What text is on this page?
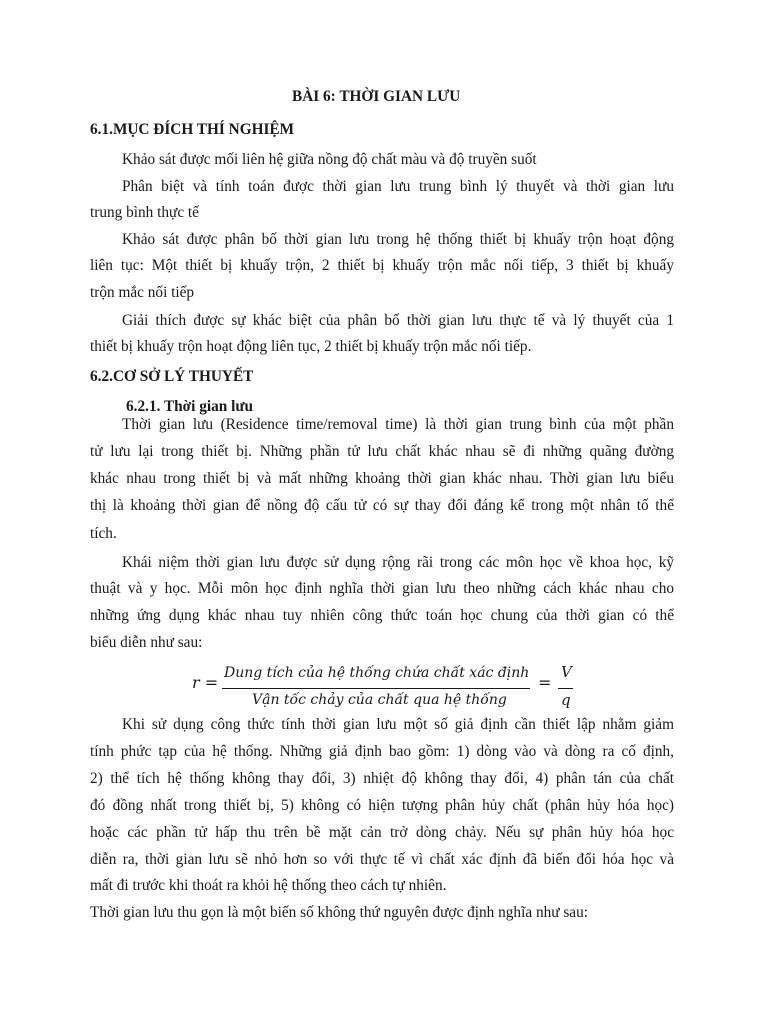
BÀI 6: THỜI GIAN LƯU
6.1.MỤC ĐÍCH THÍ NGHIỆM
Khảo sát được mối liên hệ giữa nồng độ chất màu và độ truyền suốt
Phân biệt và tính toán được thời gian lưu trung bình lý thuyết và thời gian lưu
trung bình thực tế
Khảo sát được phân bố thời gian lưu trong hệ thống thiết bị khuấy trộn hoạt động
liên tục: Một thiết bị khuấy trộn, 2 thiết bị khuấy trộn mắc nối tiếp, 3 thiết bị khuấy
trộn mắc nối tiếp
Giải thích được sự khác biệt của phân bố thời gian lưu thực tế và lý thuyết của 1
thiết bị khuấy trộn hoạt động liên tục, 2 thiết bị khuấy trộn mắc nối tiếp.
6.2.CƠ SỞ LÝ THUYẾT
6.2.1. Thời gian lưu
Thời gian lưu (Residence time/removal time) là thời gian trung bình của một phần
tử lưu lại trong thiết bị. Những phần tử lưu chất khác nhau sẽ đi những quãng đường
khác nhau trong thiết bị và mất những khoảng thời gian khác nhau. Thời gian lưu biểu
thị là khoảng thời gian để nồng độ cấu tử có sự thay đổi đáng kể trong một nhân tố thể
tích.
Khái niệm thời gian lưu được sử dụng rộng rãi trong các môn học về khoa học, kỹ
thuật và y học. Mỗi môn học định nghĩa thời gian lưu theo những cách khác nhau cho
những ứng dụng khác nhau tuy nhiên công thức toán học chung của thời gian có thể
biểu diễn như sau:
r = Dung tích của hệ thống chứa chất xác định
Vận tốc chảy của chất qua hệ thống
=
V
q
Khi sử dụng công thức tính thời gian lưu một số giả định cần thiết lập nhằm giảm
tính phức tạp của hệ thống. Những giả định bao gồm: 1) dòng vào và dòng ra cố định,
2) thể tích hệ thống không thay đổi, 3) nhiệt độ không thay đổi, 4) phân tán của chất
đó đồng nhất trong thiết bị, 5) không có hiện tượng phân hủy chất (phân hủy hóa học)
hoặc các phần tử hấp thu trên bề mặt cản trở dòng chảy. Nếu sự phân hủy hóa học
diễn ra, thời gian lưu sẽ nhỏ hơn so với thực tế vì chất xác định đã biến đổi hóa học và
mất đi trước khi thoát ra khỏi hệ thống theo cách tự nhiên.
Thời gian lưu thu gọn là một biến số không thứ nguyên được định nghĩa như sau:
